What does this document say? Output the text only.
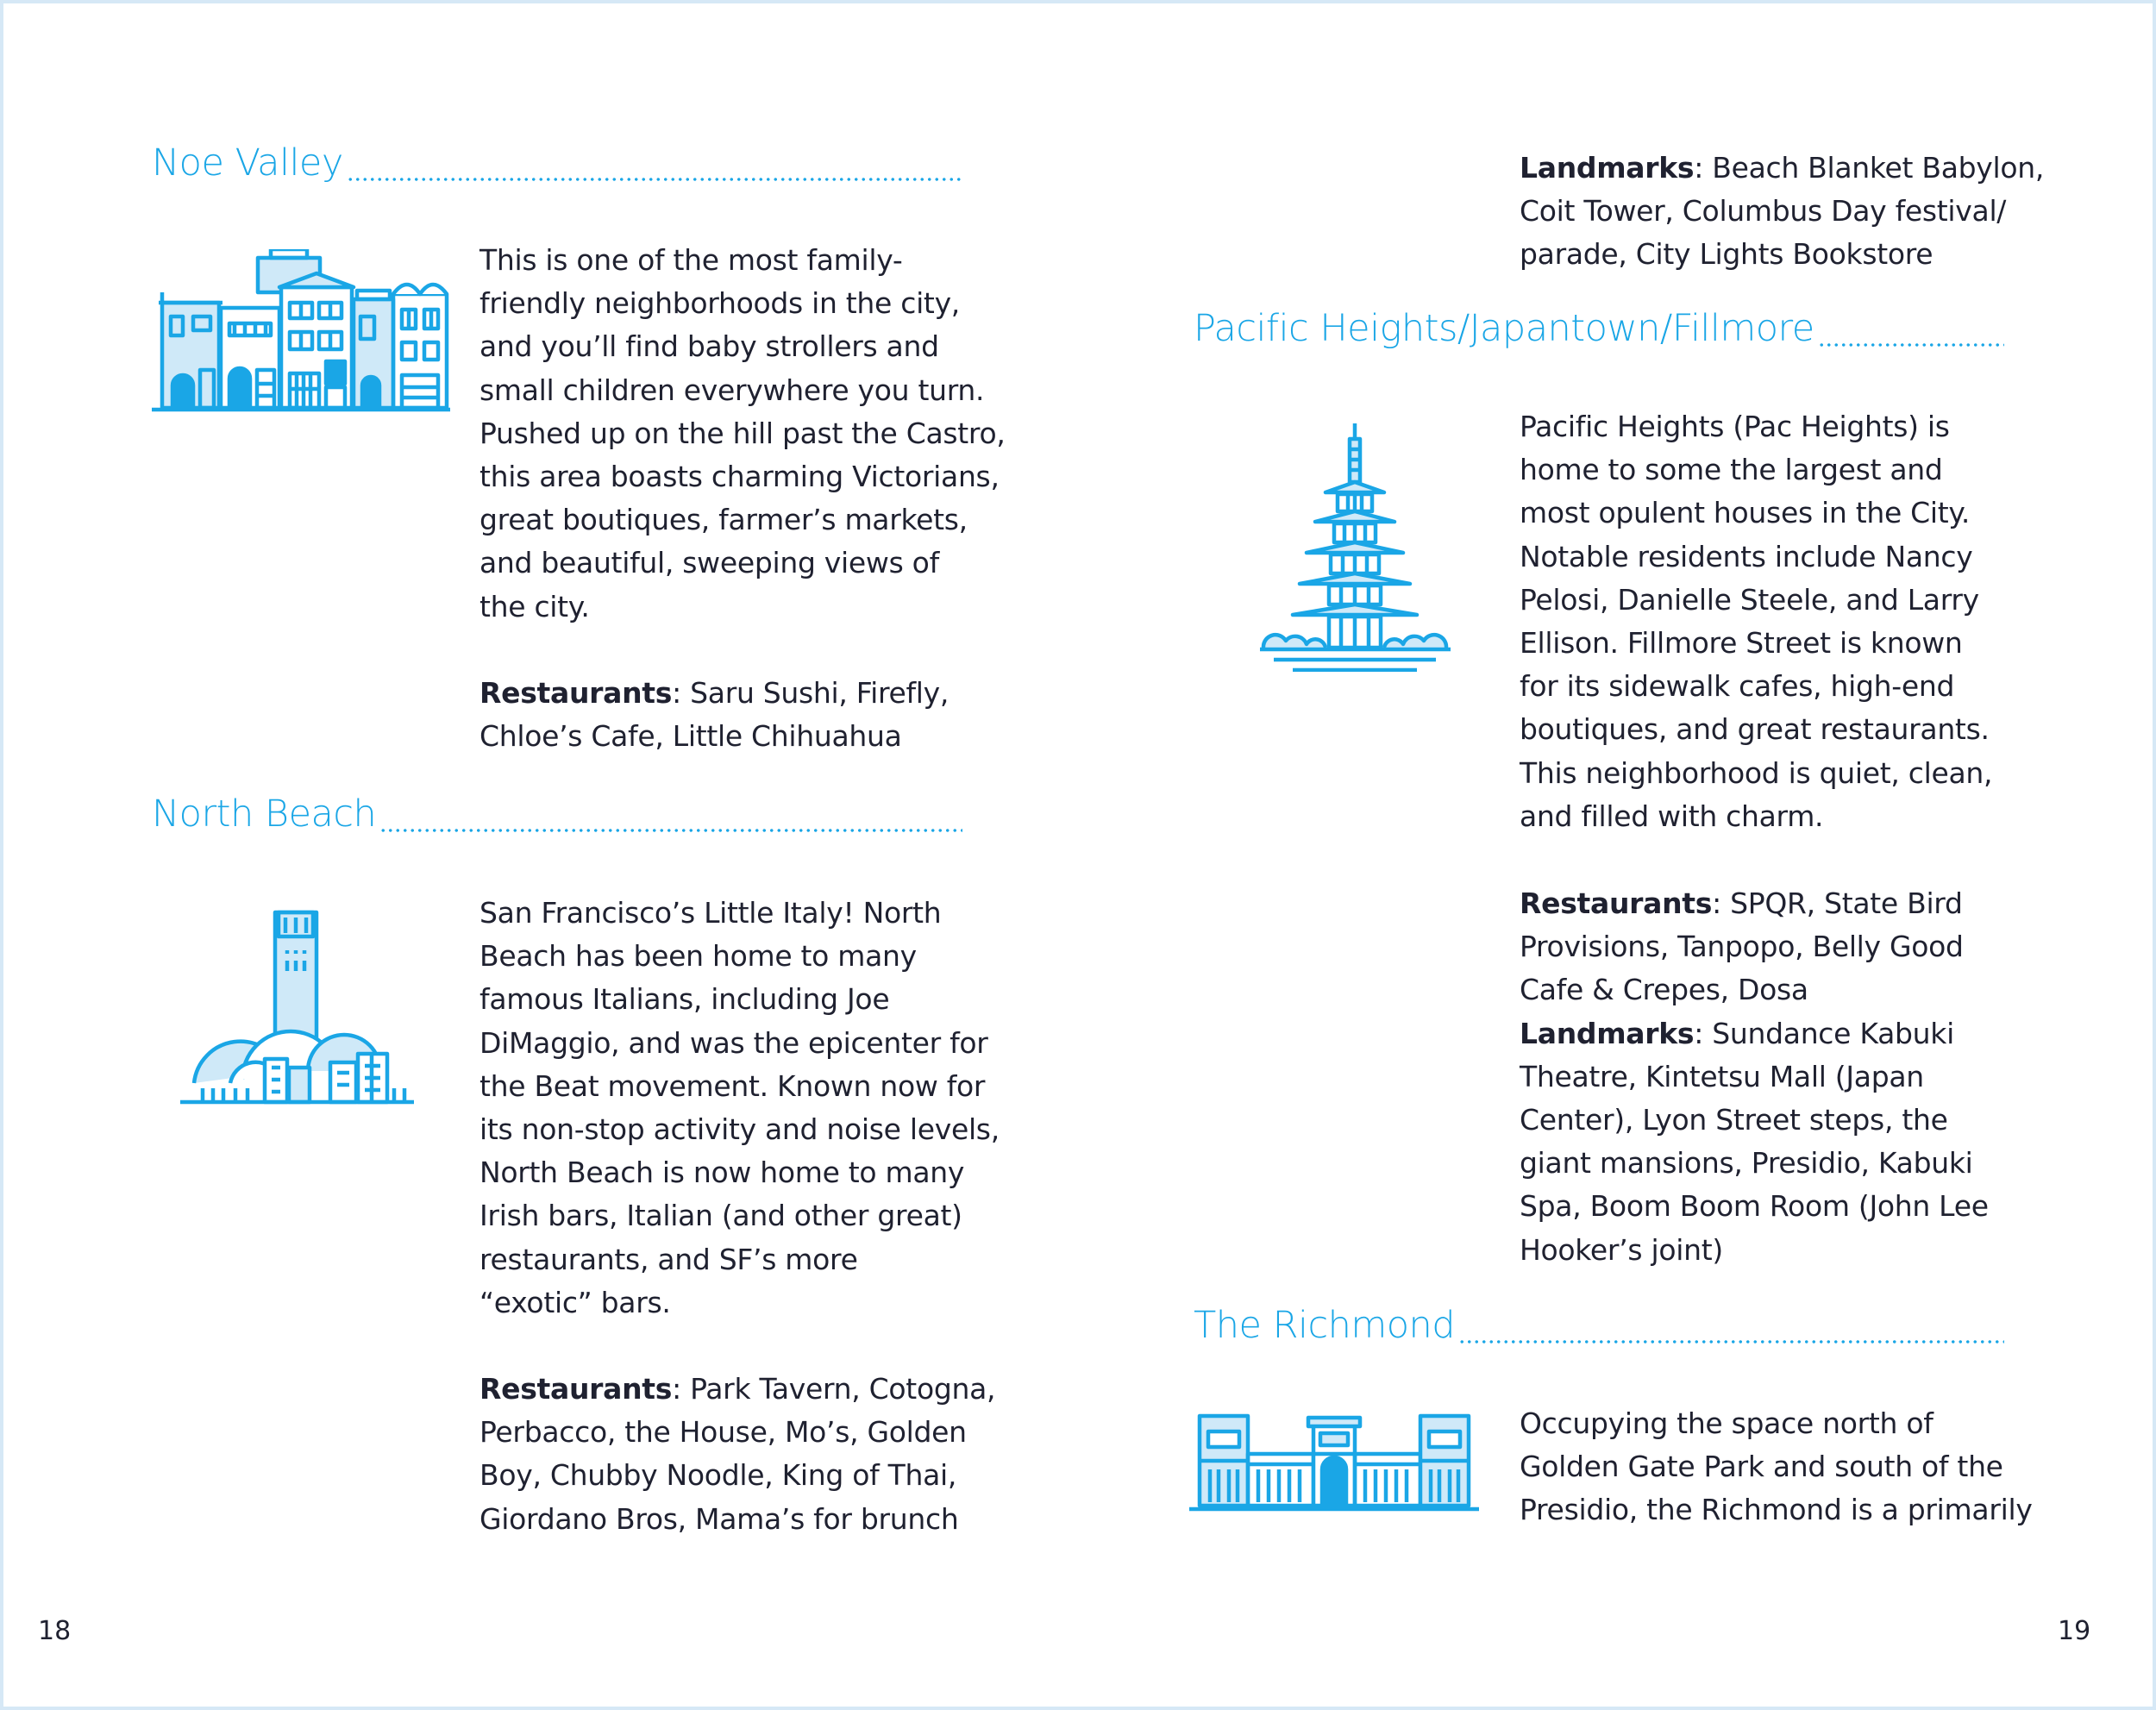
Noe Valley
This is one of the most family-
friendly neighborhoods in the city,
and you’ll find baby strollers and
small children everywhere you turn.
Pushed up on the hill past the Castro,
this area boasts charming Victorians,
great boutiques, farmer’s markets,
and beautiful, sweeping views of
the city.
Restaurants: Saru Sushi, Firefly,
Chloe’s Cafe, Little Chihuahua
North Beach
San Francisco’s Little Italy! North
Beach has been home to many
famous Italians, including Joe
DiMaggio, and was the epicenter for
the Beat movement. Known now for
its non-stop activity and noise levels,
North Beach is now home to many
Irish bars, Italian (and other great)
restaurants, and SF’s more
“exotic” bars.
Restaurants: Park Tavern, Cotogna,
Perbacco, the House, Mo’s, Golden
Boy, Chubby Noodle, King of Thai,
Giordano Bros, Mama’s for brunch
18
Landmarks: Beach Blanket Babylon,
Coit Tower, Columbus Day festival/
parade, City Lights Bookstore
Pacific Heights/Japantown/Fillmore
Pacific Heights (Pac Heights) is
home to some the largest and
most opulent houses in the City.
Notable residents include Nancy
Pelosi, Danielle Steele, and Larry
Ellison. Fillmore Street is known
for its sidewalk cafes, high-end
boutiques, and great restaurants.
This neighborhood is quiet, clean,
and filled with charm.
Restaurants: SPQR, State Bird
Provisions, Tanpopo, Belly Good
Cafe & Crepes, Dosa
Landmarks: Sundance Kabuki
Theatre, Kintetsu Mall (Japan
Center), Lyon Street steps, the
giant mansions, Presidio, Kabuki
Spa, Boom Boom Room (John Lee
Hooker’s joint)
The Richmond
Occupying the space north of
Golden Gate Park and south of the
Presidio, the Richmond is a primarily
19
